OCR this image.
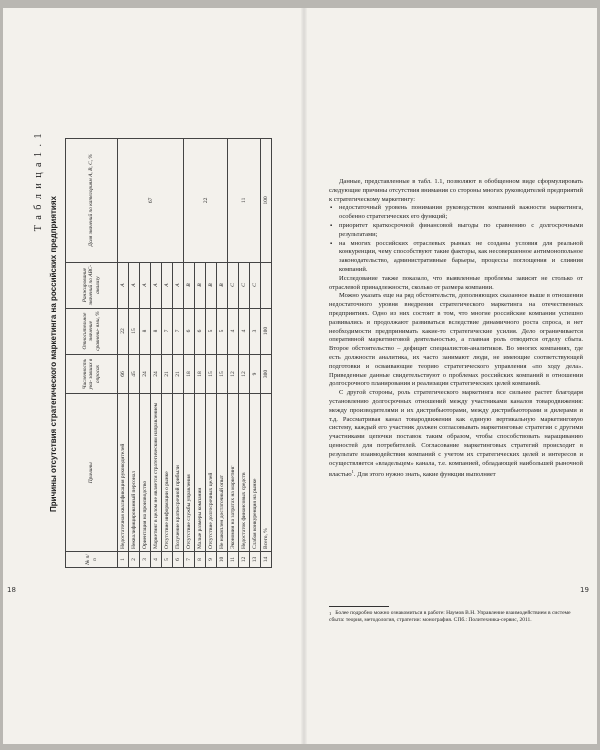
Т а б л и ц а 1 . 1
Причины отсутствия стратегического маркетинга на российских предприятиях
№ п/п	Причины	Численность ука- завших в опросах	Относительное значение сравнени- ями, %	Ранжирование значений по АВС-анализу	Доля значений по категориям А, В, С, %
1	Недостаточная квалификация руководителей	66	22	A	67
2	Неквалифицированный персонал	45	15	A	
3	Ориентация на производство	24	8	A	
4	Маркетинг в целом не является стратегическим направлением	24	8	A	
5	Отсутствие информации о рынке	21	7	A	
6	Получение краткосрочной прибыли	21	7	A	
7	Отсутствие службы управления	18	6	B	22
8	Малые размеры компании	18	6	B	
9	Отсутствие долгосрочных целей	15	5	B	
10	Не накоплен достаточный опыт	15	5	B	
11	Экономия на затратах на маркетинг	12	4	C	11
12	Недостаток финансовых средств	12	4	C	
13	Слабая конкуренция на рынке	9	3	C	
14	Всего, %	300	100		100
18

Данные, представленные в табл. 1.1, позволяют в обобщенном виде сформулировать следующие причины отсутствия внимания со стороны многих руководителей предприятий к стратегическому маркетингу:

▪ недостаточный уровень понимания руководством компаний важности маркетинга, особенно стратегических его функций;
▪ приоритет краткосрочной финансовой выгоды по сравнению с долгосрочными результатами;
▪ на многих российских отраслевых рынках не созданы условия для реальной конкуренции, чему способствуют такие факторы, как несовершенное антимонопольное законодательство, административные барьеры, процессы поглощения и слияния компаний.

Исследование также показало, что выявленные проблемы зависят не столько от отраслевой принадлежности, сколько от размера компании.

Можно указать еще на ряд обстоятельств, дополняющих сказанное выше в отношении недостаточного уровня внедрения стратегического маркетинга на отечественных предприятиях. Одно из них состоит в том, что многие российские компании успешно развивались и продолжают развиваться вследствие динамичного роста спроса, и нет необходимости предпринимать какие-то стратегические усилия. Дело ограничивается оперативной маркетинговой деятельностью, а главная роль отводится отделу сбыта. Второе обстоятельство – дефицит специалистов-аналитиков. Во многих компаниях, где есть должности аналитика, их часто занимают люди, не имеющие соответствующей подготовки и осваивающие теорию стратегического управления «по ходу дела». Приведенные данные свидетельствуют о проблемах российских компаний в отношении долгосрочного планирования и реализации стратегических целей компаний.

С другой стороны, роль стратегического маркетинга все сильнее растет благодаря установлению долгосрочных отношений между участниками каналов товародвижения: между производителями и их дистрибьюторами, между дистрибьюторами и дилерами и т.д. Рассматривая канал товародвижения как единую вертикальную маркетинговую систему, каждый его участник должен согласовывать маркетинговые стратегии с другими участниками цепочки поставок таким образом, чтобы способствовать наращиванию ценностей для потребителей. Согласование маркетинговых стратегий происходит в результате взаимодействия компаний с учетом их стратегических целей и интересов и осуществляется «владельцем» канала, т.е. компанией, обладающей наибольшей рыночной властью$^1$. Для этого нужно знать, какие функции выполняет

$^1$ Более подробно можно ознакомиться в работе: Наумов В.Н. Управление взаимодействием в системе сбыта: теория, методология, стратегии: монография. СПб.: Политехника-сервис, 2011.
19
